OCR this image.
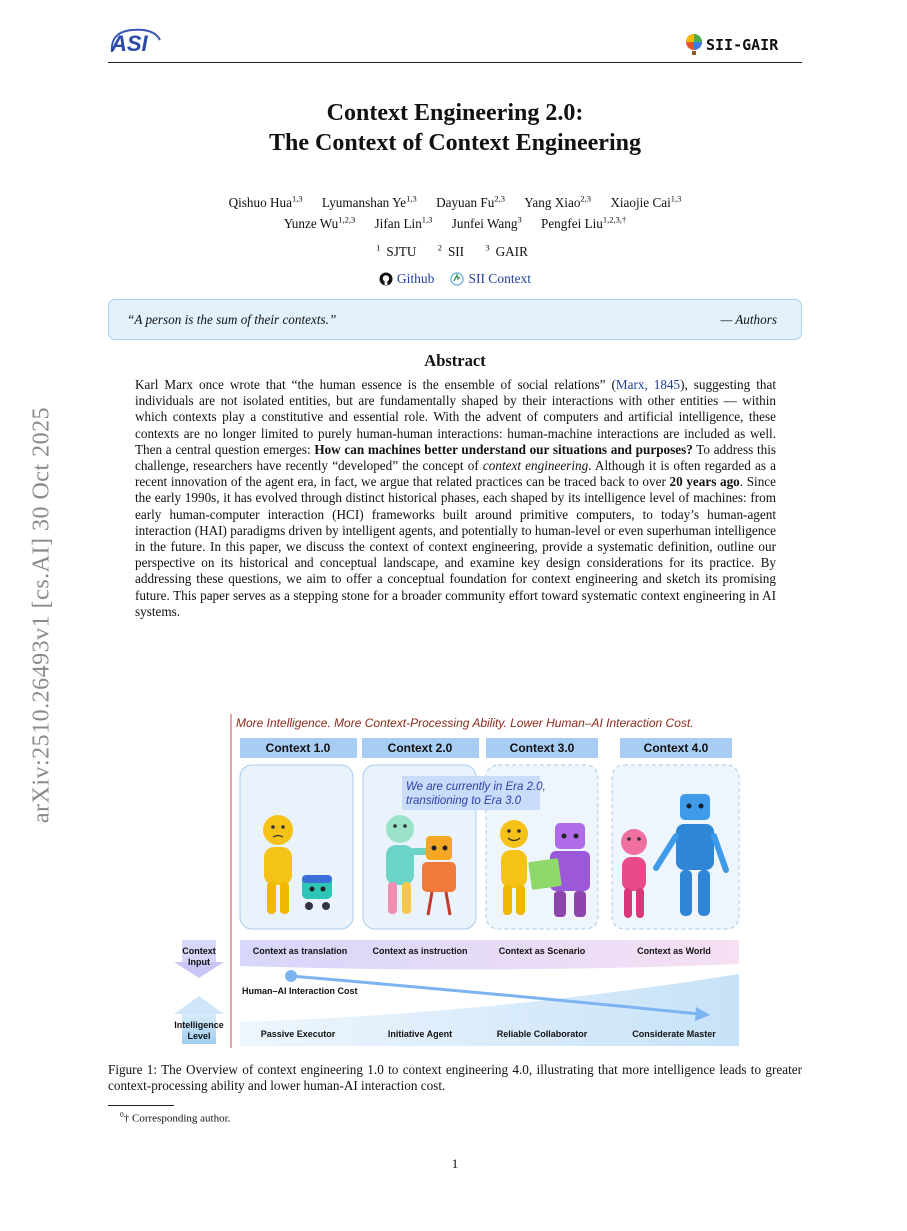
ASI	SII-GAIR
arXiv:2510.26493v1 [cs.AI] 30 Oct 2025
Context Engineering 2.0:
The Context of Context Engineering
Qishuo Hua$^{1,3}$ Lyumanshan Ye$^{1,3}$ Dayuan Fu$^{2,3}$ Yang Xiao$^{2,3}$ Xiaojie Cai$^{1,3}$
Yunze Wu$^{1,2,3}$ Jifan Lin$^{1,3}$ Junfei Wang$^3$ Pengfei Liu$^{1,2,3,\dagger}$
$^1$ SJTU	$^2$ SII	$^3$ GAIR
Github	SII Context
“A person is the sum of their contexts.”	— Authors
Abstract
Karl Marx once wrote that “the human essence is the ensemble of social relations” (Marx, 1845), suggesting that individuals are not isolated entities, but are fundamentally shaped by their interactions with other entities — within which contexts play a constitutive and essential role. With the advent of computers and artificial intelligence, these contexts are no longer limited to purely human-human interactions: human-machine interactions are included as well. Then a central question emerges: How can machines better understand our situations and purposes? To address this challenge, researchers have recently “developed” the concept of context engineering. Although it is often regarded as a recent innovation of the agent era, in fact, we argue that related practices can be traced back to over 20 years ago. Since the early 1990s, it has evolved through distinct historical phases, each shaped by its intelligence level of machines: from early human-computer interaction (HCI) frameworks built around primitive computers, to today’s human-agent interaction (HAI) paradigms driven by intelligent agents, and potentially to human-level or even superhuman intelligence in the future. In this paper, we discuss the context of context engineering, provide a systematic definition, outline our perspective on its historical and conceptual landscape, and examine key design considerations for its practice. By addressing these questions, we aim to offer a conceptual foundation for context engineering and sketch its promising future. This paper serves as a stepping stone for a broader community effort toward systematic context engineering in AI systems.
More Intelligence. More Context-Processing Ability. Lower Human–AI Interaction Cost.
Context 1.0	Context 2.0	Context 3.0	Context 4.0
We are currently in Era 2.0,
transitioning to Era 3.0
Context as translation	Context as instruction	Context as Scenario	Context as World
Context
Input
Intelligence
Level
Human–AI Interaction Cost
Passive Executor	Initiative Agent	Reliable Collaborator	Considerate Master
Figure 1: The Overview of context engineering 1.0 to context engineering 4.0, illustrating that more intelligence leads to greater context-processing ability and lower human-AI interaction cost.
$^0$† Corresponding author.
1
